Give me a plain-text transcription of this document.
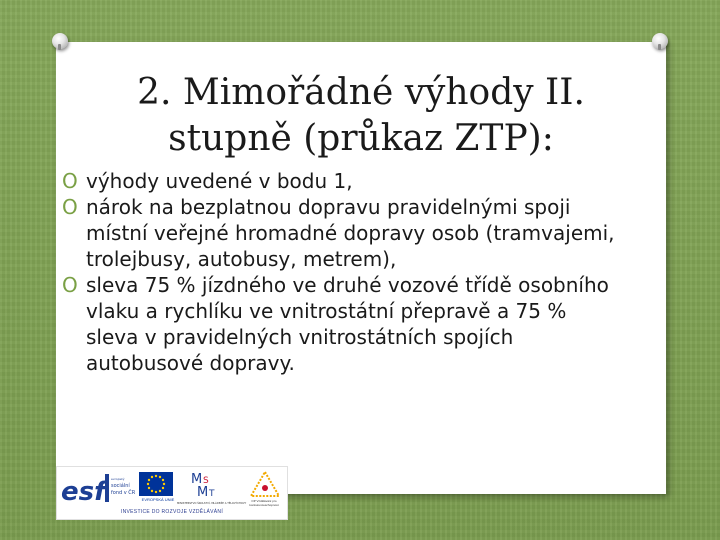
2. Mimořádné výhody II.
stupně (průkaz ZTP):
O výhody uvedené v bodu 1,
O nárok na bezplatnou dopravu pravidelnými spoji místní veřejné hromadné dopravy osob (tramvajemi, trolejbusy, autobusy, metrem),
O sleva 75 % jízdného ve druhé vozové třídě osobního vlaku a rychlíku ve vnitrostátní přepravě a 75 % sleva v pravidelných vnitrostátních spojích autobusové dopravy.
esf	evropský
sociální
fond v ČR
EVROPSKÁ UNIE
M S
M T
MINISTERSTVO ŠKOLSTVÍ, MLÁDEŽE A TĚLOVÝCHOVY
OP Vzdělávání pro konkurenceschopnost
INVESTICE DO ROZVOJE VZDĚLÁVÁNÍ
